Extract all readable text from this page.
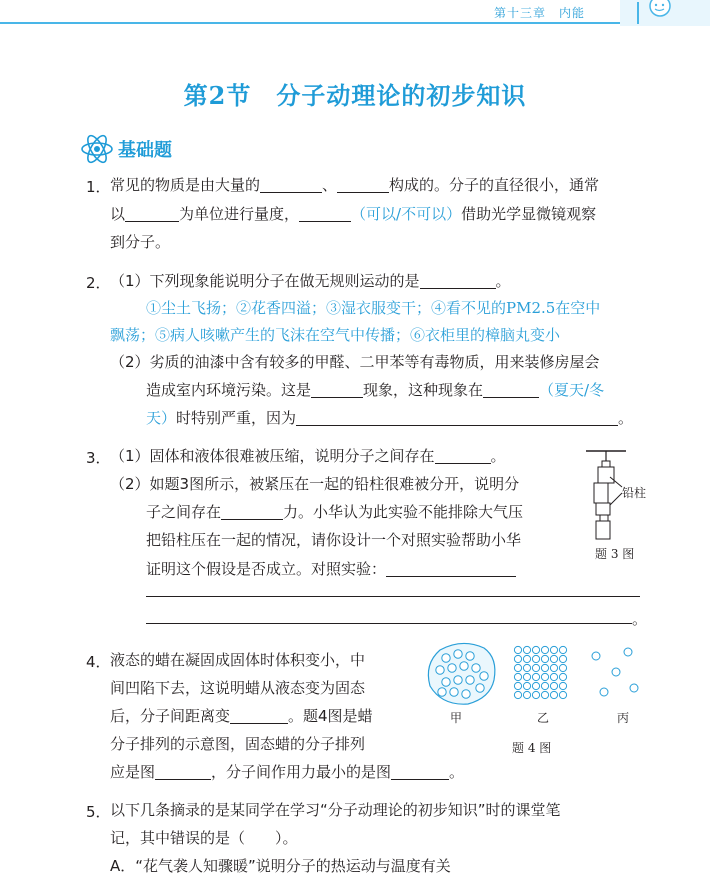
第十三章　内能
第2节　分子动理论的初步知识
基础题
1． 常见的物质是由大量的	、	构成的。分子的直径很小，通常
以	为单位进行量度，	（可以/不可以）借助光学显微镜观察
到分子。
2． （1）下列现象能说明分子在做无规则运动的是	。
①尘土飞扬；②花香四溢；③湿衣服变干；④看不见的PM2.5在空中
飘荡；⑤病人咳嗽产生的飞沫在空气中传播；⑥衣柜里的樟脑丸变小
（2）劣质的油漆中含有较多的甲醛、二甲苯等有毒物质，用来装修房屋会
造成室内环境污染。这是	现象，这种现象在	（夏天/冬
天）时特别严重，因为	。
3． （1）固体和液体很难被压缩，说明分子之间存在	。
（2）如题3图所示，被紧压在一起的铅柱很难被分开，说明分
子之间存在	力。小华认为此实验不能排除大气压
把铅柱压在一起的情况，请你设计一个对照实验帮助小华
证明这个假设是否成立。对照实验：
。
铅柱
题 3 图
4． 液态的蜡在凝固成固体时体积变小，中
间凹陷下去，这说明蜡从液态变为固态
后，分子间距离变	。题4图是蜡
分子排列的示意图，固态蜡的分子排列
应是图	，分子间作用力最小的是图	。
甲	乙	丙
题 4 图
5． 以下几条摘录的是某同学在学习“分子动理论的初步知识”时的课堂笔
记，其中错误的是（　　）。
A．“花气袭人知骤暖”说明分子的热运动与温度有关
